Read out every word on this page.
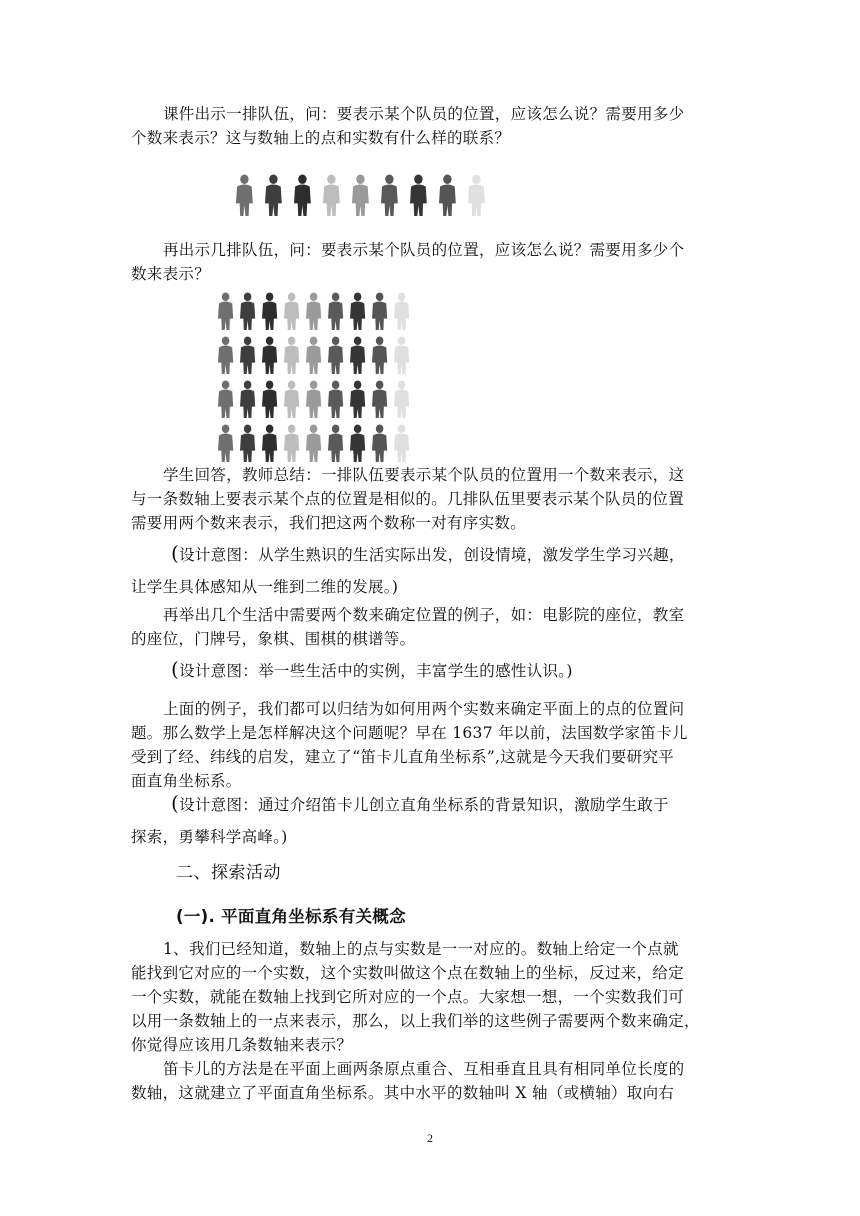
课件出示一排队伍，问：要表示某个队员的位置，应该怎么说？需要用多少
个数来表示？这与数轴上的点和实数有什么样的联系？
再出示几排队伍，问：要表示某个队员的位置，应该怎么说？需要用多少个
数来表示？
学生回答，教师总结：一排队伍要表示某个队员的位置用一个数来表示，这
与一条数轴上要表示某个点的位置是相似的。几排队伍里要表示某个队员的位置
需要用两个数来表示，我们把这两个数称一对有序实数。
(设计意图：从学生熟识的生活实际出发，创设情境，激发学生学习兴趣，
让学生具体感知从一维到二维的发展。)
再举出几个生活中需要两个数来确定位置的例子，如：电影院的座位，教室
的座位，门牌号，象棋、围棋的棋谱等。
(设计意图：举一些生活中的实例，丰富学生的感性认识。)
上面的例子，我们都可以归结为如何用两个实数来确定平面上的点的位置问
题。那么数学上是怎样解决这个问题呢？早在 1637 年以前，法国数学家笛卡儿
受到了经、纬线的启发，建立了“笛卡儿直角坐标系”,这就是今天我们要研究平
面直角坐标系。
(设计意图：通过介绍笛卡儿创立直角坐标系的背景知识，激励学生敢于
探索，勇攀科学高峰。)
二、探索活动
(一). 平面直角坐标系有关概念
1、我们已经知道，数轴上的点与实数是一一对应的。数轴上给定一个点就
能找到它对应的一个实数，这个实数叫做这个点在数轴上的坐标，反过来，给定
一个实数，就能在数轴上找到它所对应的一个点。大家想一想，一个实数我们可
以用一条数轴上的一点来表示，那么，以上我们举的这些例子需要两个数来确定，
你觉得应该用几条数轴来表示？
笛卡儿的方法是在平面上画两条原点重合、互相垂直且具有相同单位长度的
数轴，这就建立了平面直角坐标系。其中水平的数轴叫 X 轴（或横轴）取向右
2
